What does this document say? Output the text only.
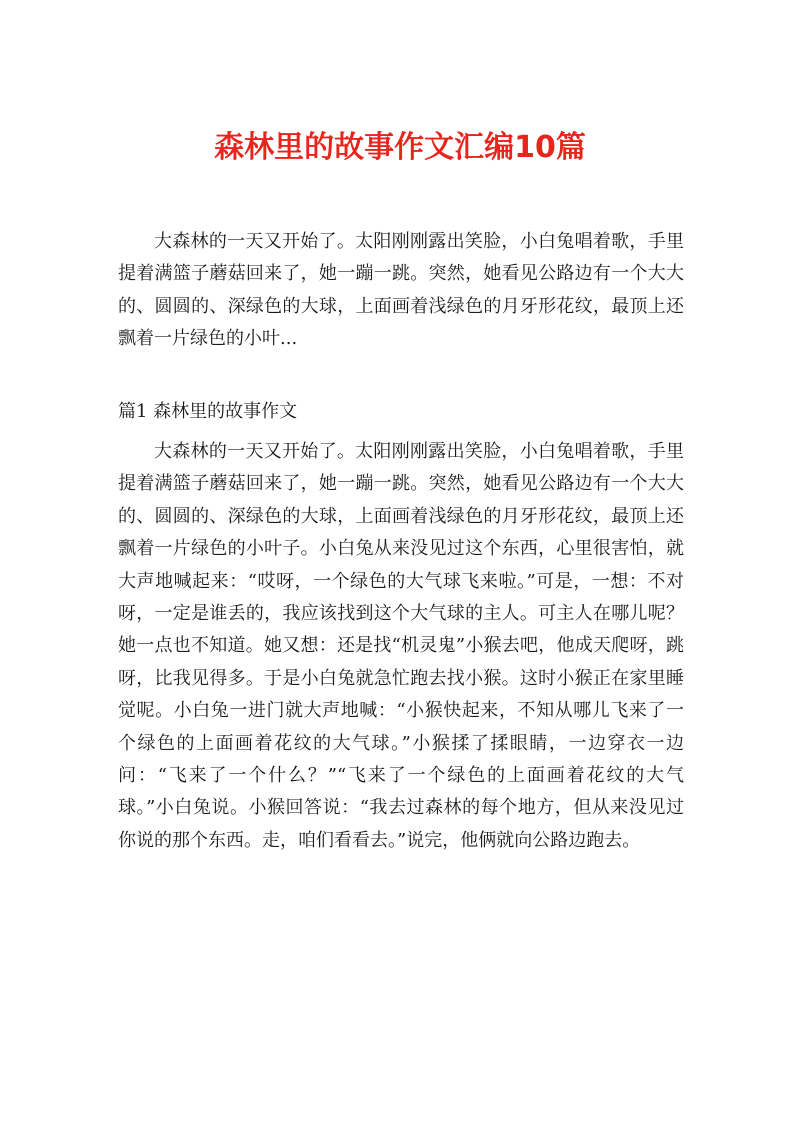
森林里的故事作文汇编10篇

大森林的一天又开始了。太阳刚刚露出笑脸，小白兔唱着歌，手里提着满篮子蘑菇回来了，她一蹦一跳。突然，她看见公路边有一个大大的、圆圆的、深绿色的大球，上面画着浅绿色的月牙形花纹，最顶上还飘着一片绿色的小叶...

篇1 森林里的故事作文

大森林的一天又开始了。太阳刚刚露出笑脸，小白兔唱着歌，手里提着满篮子蘑菇回来了，她一蹦一跳。突然，她看见公路边有一个大大的、圆圆的、深绿色的大球，上面画着浅绿色的月牙形花纹，最顶上还飘着一片绿色的小叶子。小白兔从来没见过这个东西，心里很害怕，就大声地喊起来：“哎呀，一个绿色的大气球飞来啦。”可是，一想：不对呀，一定是谁丢的，我应该找到这个大气球的主人。可主人在哪儿呢？她一点也不知道。她又想：还是找“机灵鬼”小猴去吧，他成天爬呀，跳呀，比我见得多。于是小白兔就急忙跑去找小猴。这时小猴正在家里睡觉呢。小白兔一进门就大声地喊：“小猴快起来，不知从哪儿飞来了一个绿色的上面画着花纹的大气球。”小猴揉了揉眼睛，一边穿衣一边问：“飞来了一个什么？”“飞来了一个绿色的上面画着花纹的大气球。”小白兔说。小猴回答说：“我去过森林的每个地方，但从来没见过你说的那个东西。走，咱们看看去。”说完，他俩就向公路边跑去。
